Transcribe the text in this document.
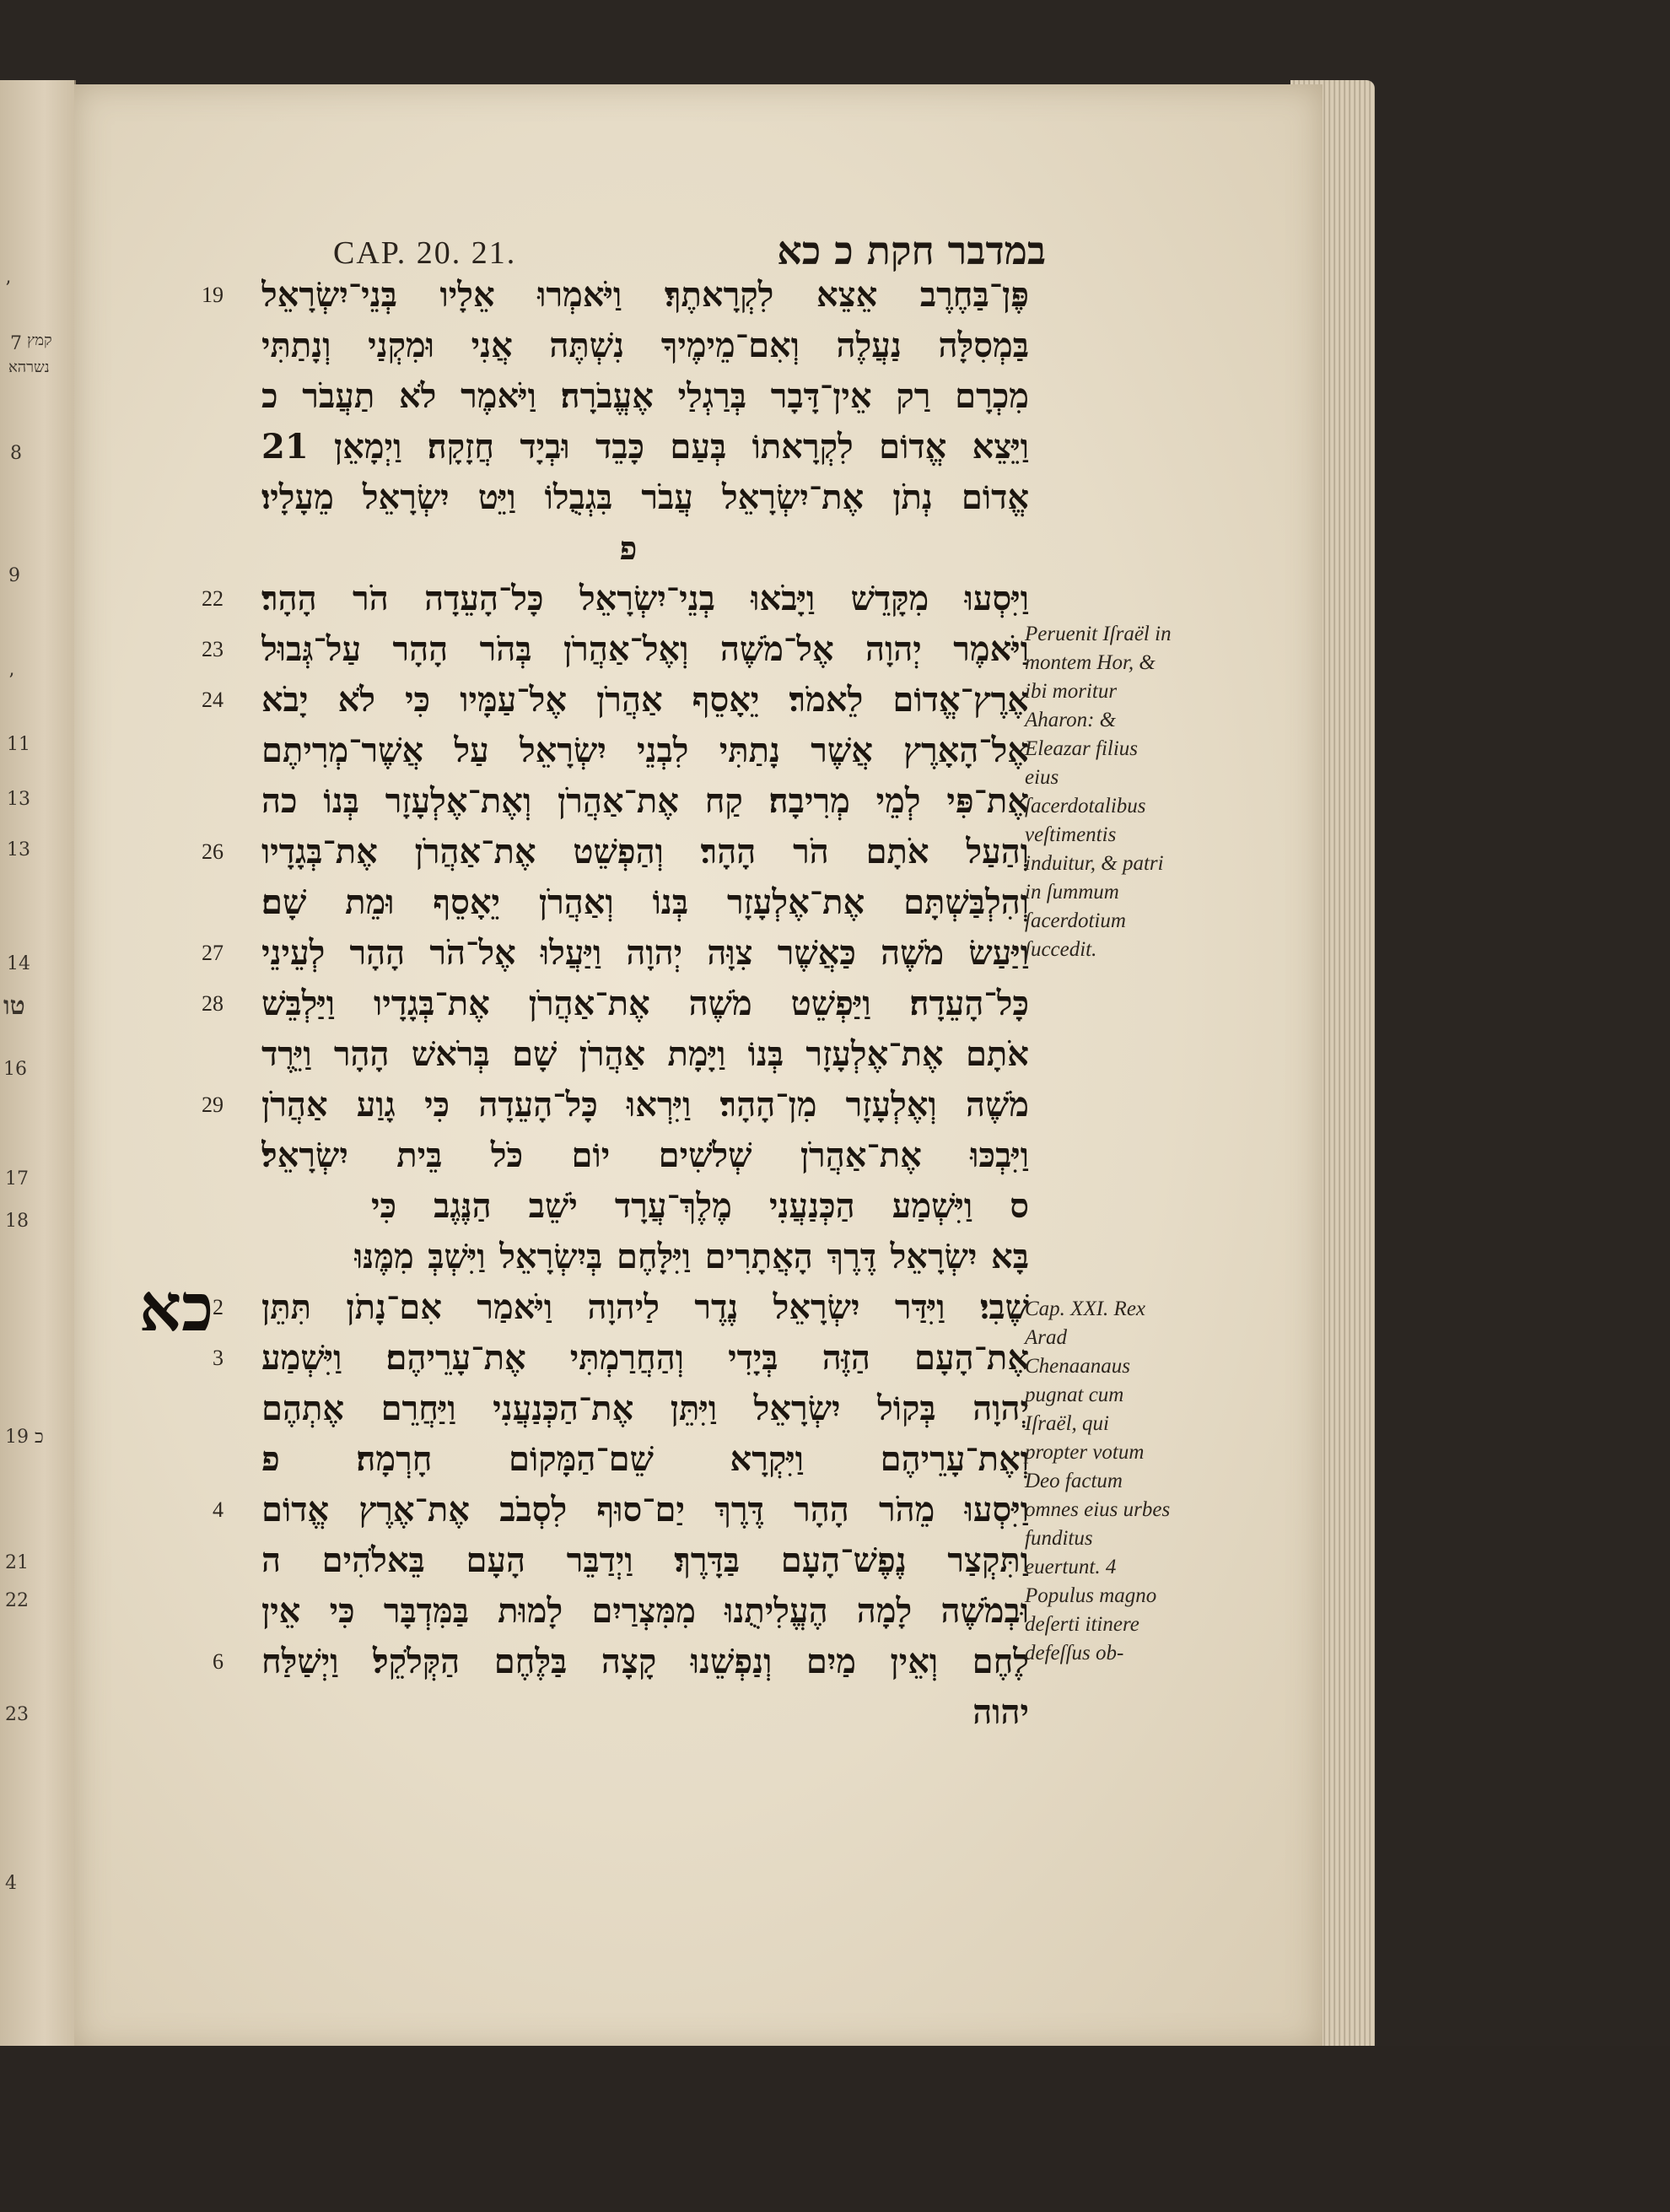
’
7 קמץ
נשרהא
8
9
’
11
13
13
14
טו
16
17
18
כ 19
21
22
23
4
CAP. 20. 21.	במדבר חקת כ כא
19 פֶּן־בַּחֶרֶב אֵצֵא לִקְרָאתֶךָ׃ וַיֹּאמְרוּ אֵלָיו בְּנֵי־יִשְׂרָאֵל
בַּמְסִלָּה נַעֲלֶה וְאִם־מֵימֶיךָ נִשְׁתֶּה אֲנִי וּמִקְנַי וְנָתַתִּי
מִכְרָם רַק אֵין־דָּבָר בְּרַגְלַי אֶעֱבֹרָה׃ וַיֹּאמֶר לֹא תַעֲבֹר כ
וַיֵּצֵא אֱדוֹם לִקְרָאתוֹ בְּעַם כָּבֵד וּבְיָד חֲזָקָה׃ וַיְמָאֵן 21
אֱדוֹם נְתֹן אֶת־יִשְׂרָאֵל עֲבֹר בִּגְבֻלוֹ וַיֵּט יִשְׂרָאֵל מֵעָלָיו׃
פ
22 וַיִּסְעוּ מִקָּדֵשׁ וַיָּבֹאוּ בְנֵי־יִשְׂרָאֵל כָּל־הָעֵדָה הֹר הָהָר׃
23 וַיֹּאמֶר יְהוָה אֶל־מֹשֶׁה וְאֶל־אַהֲרֹן בְּהֹר הָהָר עַל־גְּבוּל
24 אֶרֶץ־אֱדוֹם לֵאמֹר׃ יֵאָסֵף אַהֲרֹן אֶל־עַמָּיו כִּי לֹא יָבֹא
אֶל־הָאָרֶץ אֲשֶׁר נָתַתִּי לִבְנֵי יִשְׂרָאֵל עַל אֲשֶׁר־מְרִיתֶם
אֶת־פִּי לְמֵי מְרִיבָה׃ קַח אֶת־אַהֲרֹן וְאֶת־אֶלְעָזָר בְּנוֹ כה
26 וְהַעַל אֹתָם הֹר הָהָר׃ וְהַפְשֵׁט אֶת־אַהֲרֹן אֶת־בְּגָדָיו
וְהִלְבַּשְׁתָּם אֶת־אֶלְעָזָר בְּנוֹ וְאַהֲרֹן יֵאָסֵף וּמֵת שָׁם׃
27 וַיַּעַשׂ מֹשֶׁה כַּאֲשֶׁר צִוָּה יְהוָה וַיַּעֲלוּ אֶל־הֹר הָהָר לְעֵינֵי
28 כָּל־הָעֵדָה׃ וַיַּפְשֵׁט מֹשֶׁה אֶת־אַהֲרֹן אֶת־בְּגָדָיו וַיַּלְבֵּשׁ
אֹתָם אֶת־אֶלְעָזָר בְּנוֹ וַיָּמָת אַהֲרֹן שָׁם בְּרֹאשׁ הָהָר וַיֵּרֶד
29 מֹשֶׁה וְאֶלְעָזָר מִן־הָהָר׃ וַיִּרְאוּ כָּל־הָעֵדָה כִּי גָוַע אַהֲרֹן
וַיִּבְכּוּ אֶת־אַהֲרֹן שְׁלֹשִׁים יוֹם כֹּל בֵּית יִשְׂרָאֵל׃
ס וַיִּשְׁמַע הַכְּנַעֲנִי מֶלֶךְ־עֲרָד יֹשֵׁב הַנֶּגֶב כִּי
בָּא יִשְׂרָאֵל דֶּרֶךְ הָאֲתָרִים וַיִּלָּחֶם בְּיִשְׂרָאֵל וַיִּשְׁבְּ מִמֶּנּוּ
2 שֶׁבִי׃ וַיִּדַּר יִשְׂרָאֵל נֶדֶר לַיהוָה וַיֹּאמַר אִם־נָתֹן תִּתֵּן
3 אֶת־הָעָם הַזֶּה בְּיָדִי וְהַחֲרַמְתִּי אֶת־עָרֵיהֶם׃ וַיִּשְׁמַע
יְהוָה בְּקוֹל יִשְׂרָאֵל וַיִּתֵּן אֶת־הַכְּנַעֲנִי וַיַּחֲרֵם אֶתְהֶם
וְאֶת־עָרֵיהֶם וַיִּקְרָא שֵׁם־הַמָּקוֹם חָרְמָה׃ פ
4 וַיִּסְעוּ מֵהֹר הָהָר דֶּרֶךְ יַם־סוּף לִסְבֹב אֶת־אֶרֶץ אֱדוֹם
וַתִּקְצַר נֶפֶשׁ־הָעָם בַּדָּרֶךְ׃ וַיְדַבֵּר הָעָם בֵּאלֹהִים ה
וּבְמֹשֶׁה לָמָה הֶעֱלִיתֻנוּ מִמִּצְרַיִם לָמוּת בַּמִּדְבָּר כִּי אֵין
6 לֶחֶם וְאֵין מַיִם וְנַפְשֵׁנוּ קָצָה בַּלֶּחֶם הַקְּלֹקֵל׃ וַיְשַׁלַּח
יהוה
כא
Peruenit Iſraël in montem Hor, & ibi moritur Aharon: & Eleazar filius eius ſacerdotalibus veſtimentis induitur, & patri in ſummum ſacerdotium ſuccedit.
Cap. XXI. Rex Arad Chenaanaus pugnat cum Iſraël, qui propter votum Deo factum omnes eius urbes funditus euertunt. 4 Populus magno deſerti itinere defeſſus ob-
